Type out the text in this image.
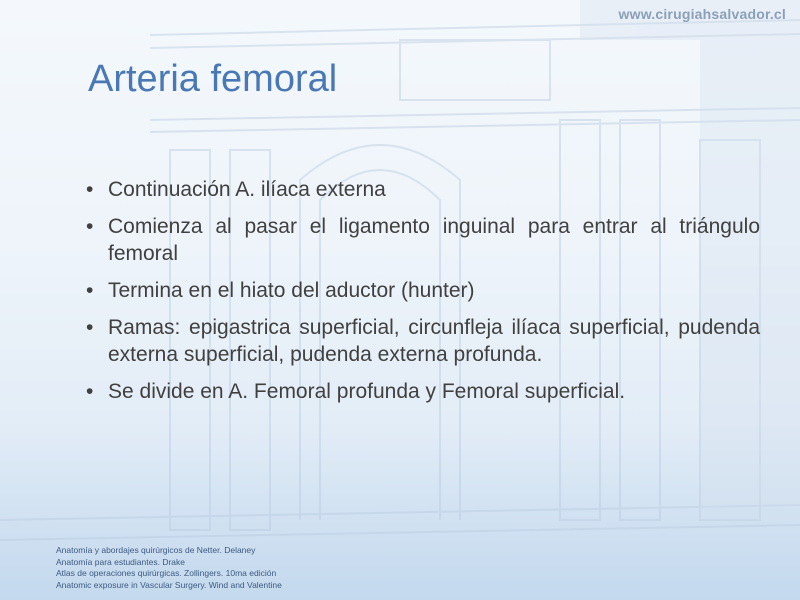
www.cirugiahsalvador.cl
Arteria femoral
• Continuación A. ilíaca externa
• Comienza al pasar el ligamento inguinal para entrar al triángulo femoral
• Termina en el hiato del aductor (hunter)
• Ramas: epigastrica superficial, circunfleja ilíaca superficial, pudenda externa superficial, pudenda externa profunda.
• Se divide en A. Femoral profunda y Femoral superficial.
Anatomía y abordajes quirúrgicos de Netter. Delaney
Anatomía para estudiantes. Drake
Atlas de operaciones quirúrgicas. Zollingers. 10ma edición
Anatomic exposure in Vascular Surgery. Wind and Valentine
